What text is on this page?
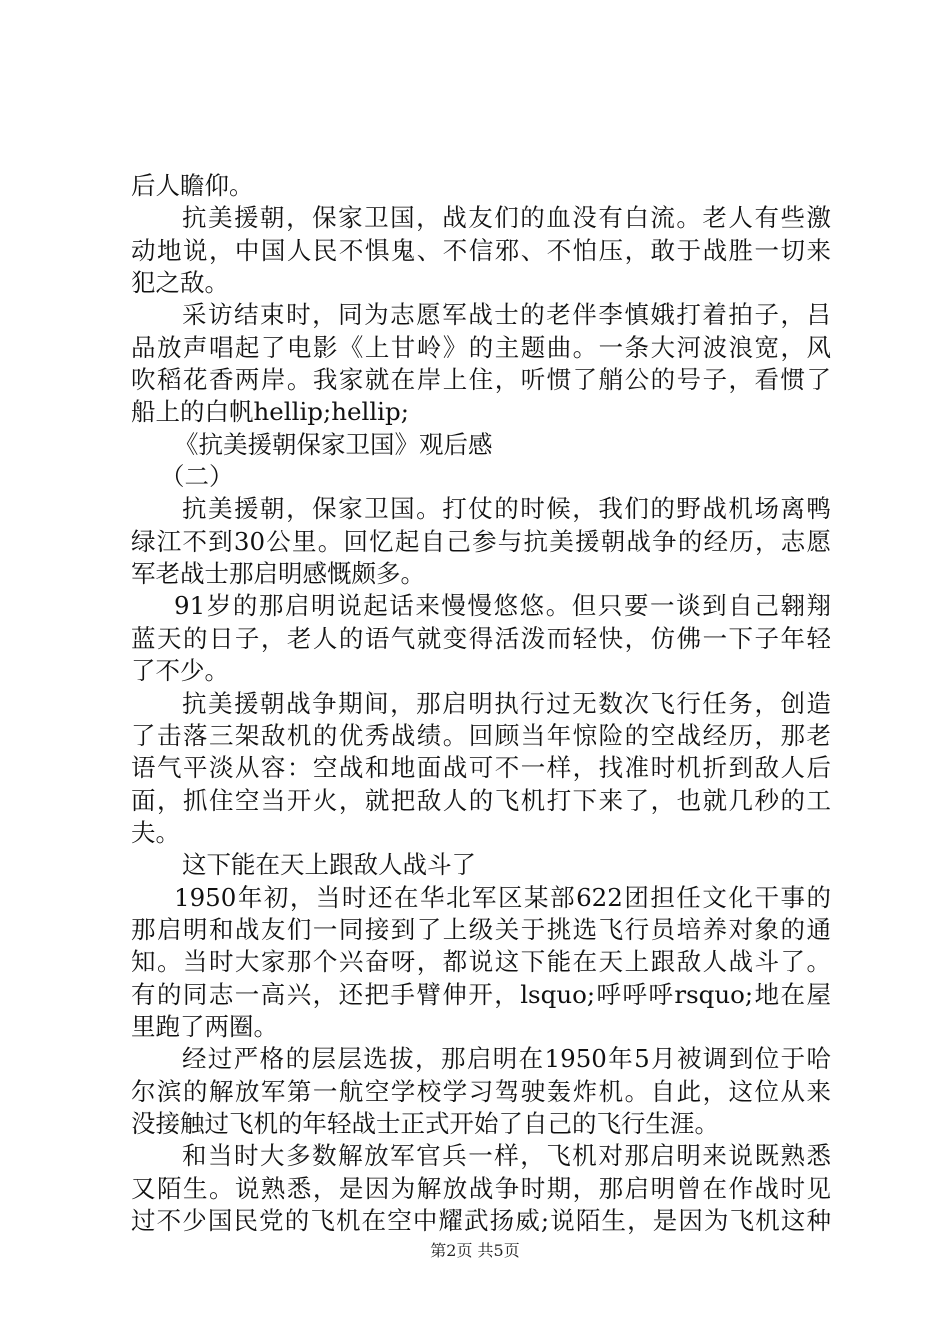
后人瞻仰。
抗美援朝，保家卫国，战友们的血没有白流。老人有些激
动地说，中国人民不惧鬼、不信邪、不怕压，敢于战胜一切来
犯之敌。
采访结束时，同为志愿军战士的老伴李慎娥打着拍子，吕
品放声唱起了电影《上甘岭》的主题曲。一条大河波浪宽，风
吹稻花香两岸。我家就在岸上住，听惯了艄公的号子，看惯了
船上的白帆hellip;hellip;
《抗美援朝保家卫国》观后感
（二）
抗美援朝，保家卫国。打仗的时候，我们的野战机场离鸭
绿江不到30公里。回忆起自己参与抗美援朝战争的经历，志愿
军老战士那启明感慨颇多。
91岁的那启明说起话来慢慢悠悠。但只要一谈到自己翱翔
蓝天的日子，老人的语气就变得活泼而轻快，仿佛一下子年轻
了不少。
抗美援朝战争期间，那启明执行过无数次飞行任务，创造
了击落三架敌机的优秀战绩。回顾当年惊险的空战经历，那老
语气平淡从容：空战和地面战可不一样，找准时机折到敌人后
面，抓住空当开火，就把敌人的飞机打下来了，也就几秒的工
夫。
这下能在天上跟敌人战斗了
1950年初，当时还在华北军区某部622团担任文化干事的
那启明和战友们一同接到了上级关于挑选飞行员培养对象的通
知。当时大家那个兴奋呀，都说这下能在天上跟敌人战斗了。
有的同志一高兴，还把手臂伸开，lsquo;呼呼呼rsquo;地在屋
里跑了两圈。
经过严格的层层选拔，那启明在1950年5月被调到位于哈
尔滨的解放军第一航空学校学习驾驶轰炸机。自此，这位从来
没接触过飞机的年轻战士正式开始了自己的飞行生涯。
和当时大多数解放军官兵一样，飞机对那启明来说既熟悉
又陌生。说熟悉，是因为解放战争时期，那启明曾在作战时见
过不少国民党的飞机在空中耀武扬威;说陌生，是因为飞机这种
第2页 共5页
